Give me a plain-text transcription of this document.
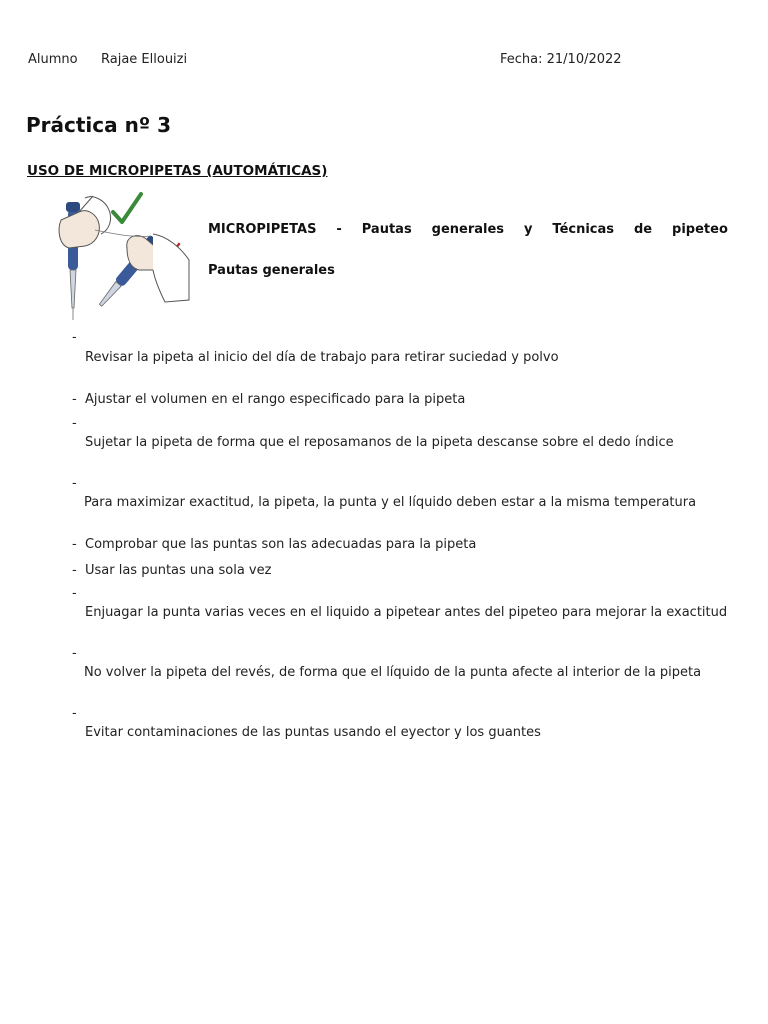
Alumno Rajae Ellouizi	Fecha: 21/10/2022
Práctica nº 3
USO DE MICROPIPETAS (AUTOMÁTICAS)
MICROPIPETAS - Pautas generales y Técnicas de pipeteo
Pautas generales
-
Revisar la pipeta al inicio del día de trabajo para retirar suciedad y polvo
- Ajustar el volumen en el rango especificado para la pipeta
-
Sujetar la pipeta de forma que el reposamanos de la pipeta descanse sobre el dedo índice
-
Para maximizar exactitud, la pipeta, la punta y el líquido deben estar a la misma temperatura
- Comprobar que las puntas son las adecuadas para la pipeta
- Usar las puntas una sola vez
-
Enjuagar la punta varias veces en el liquido a pipetear antes del pipeteo para mejorar la exactitud
-
No volver la pipeta del revés, de forma que el líquido de la punta afecte al interior de la pipeta
-
Evitar contaminaciones de las puntas usando el eyector y los guantes
